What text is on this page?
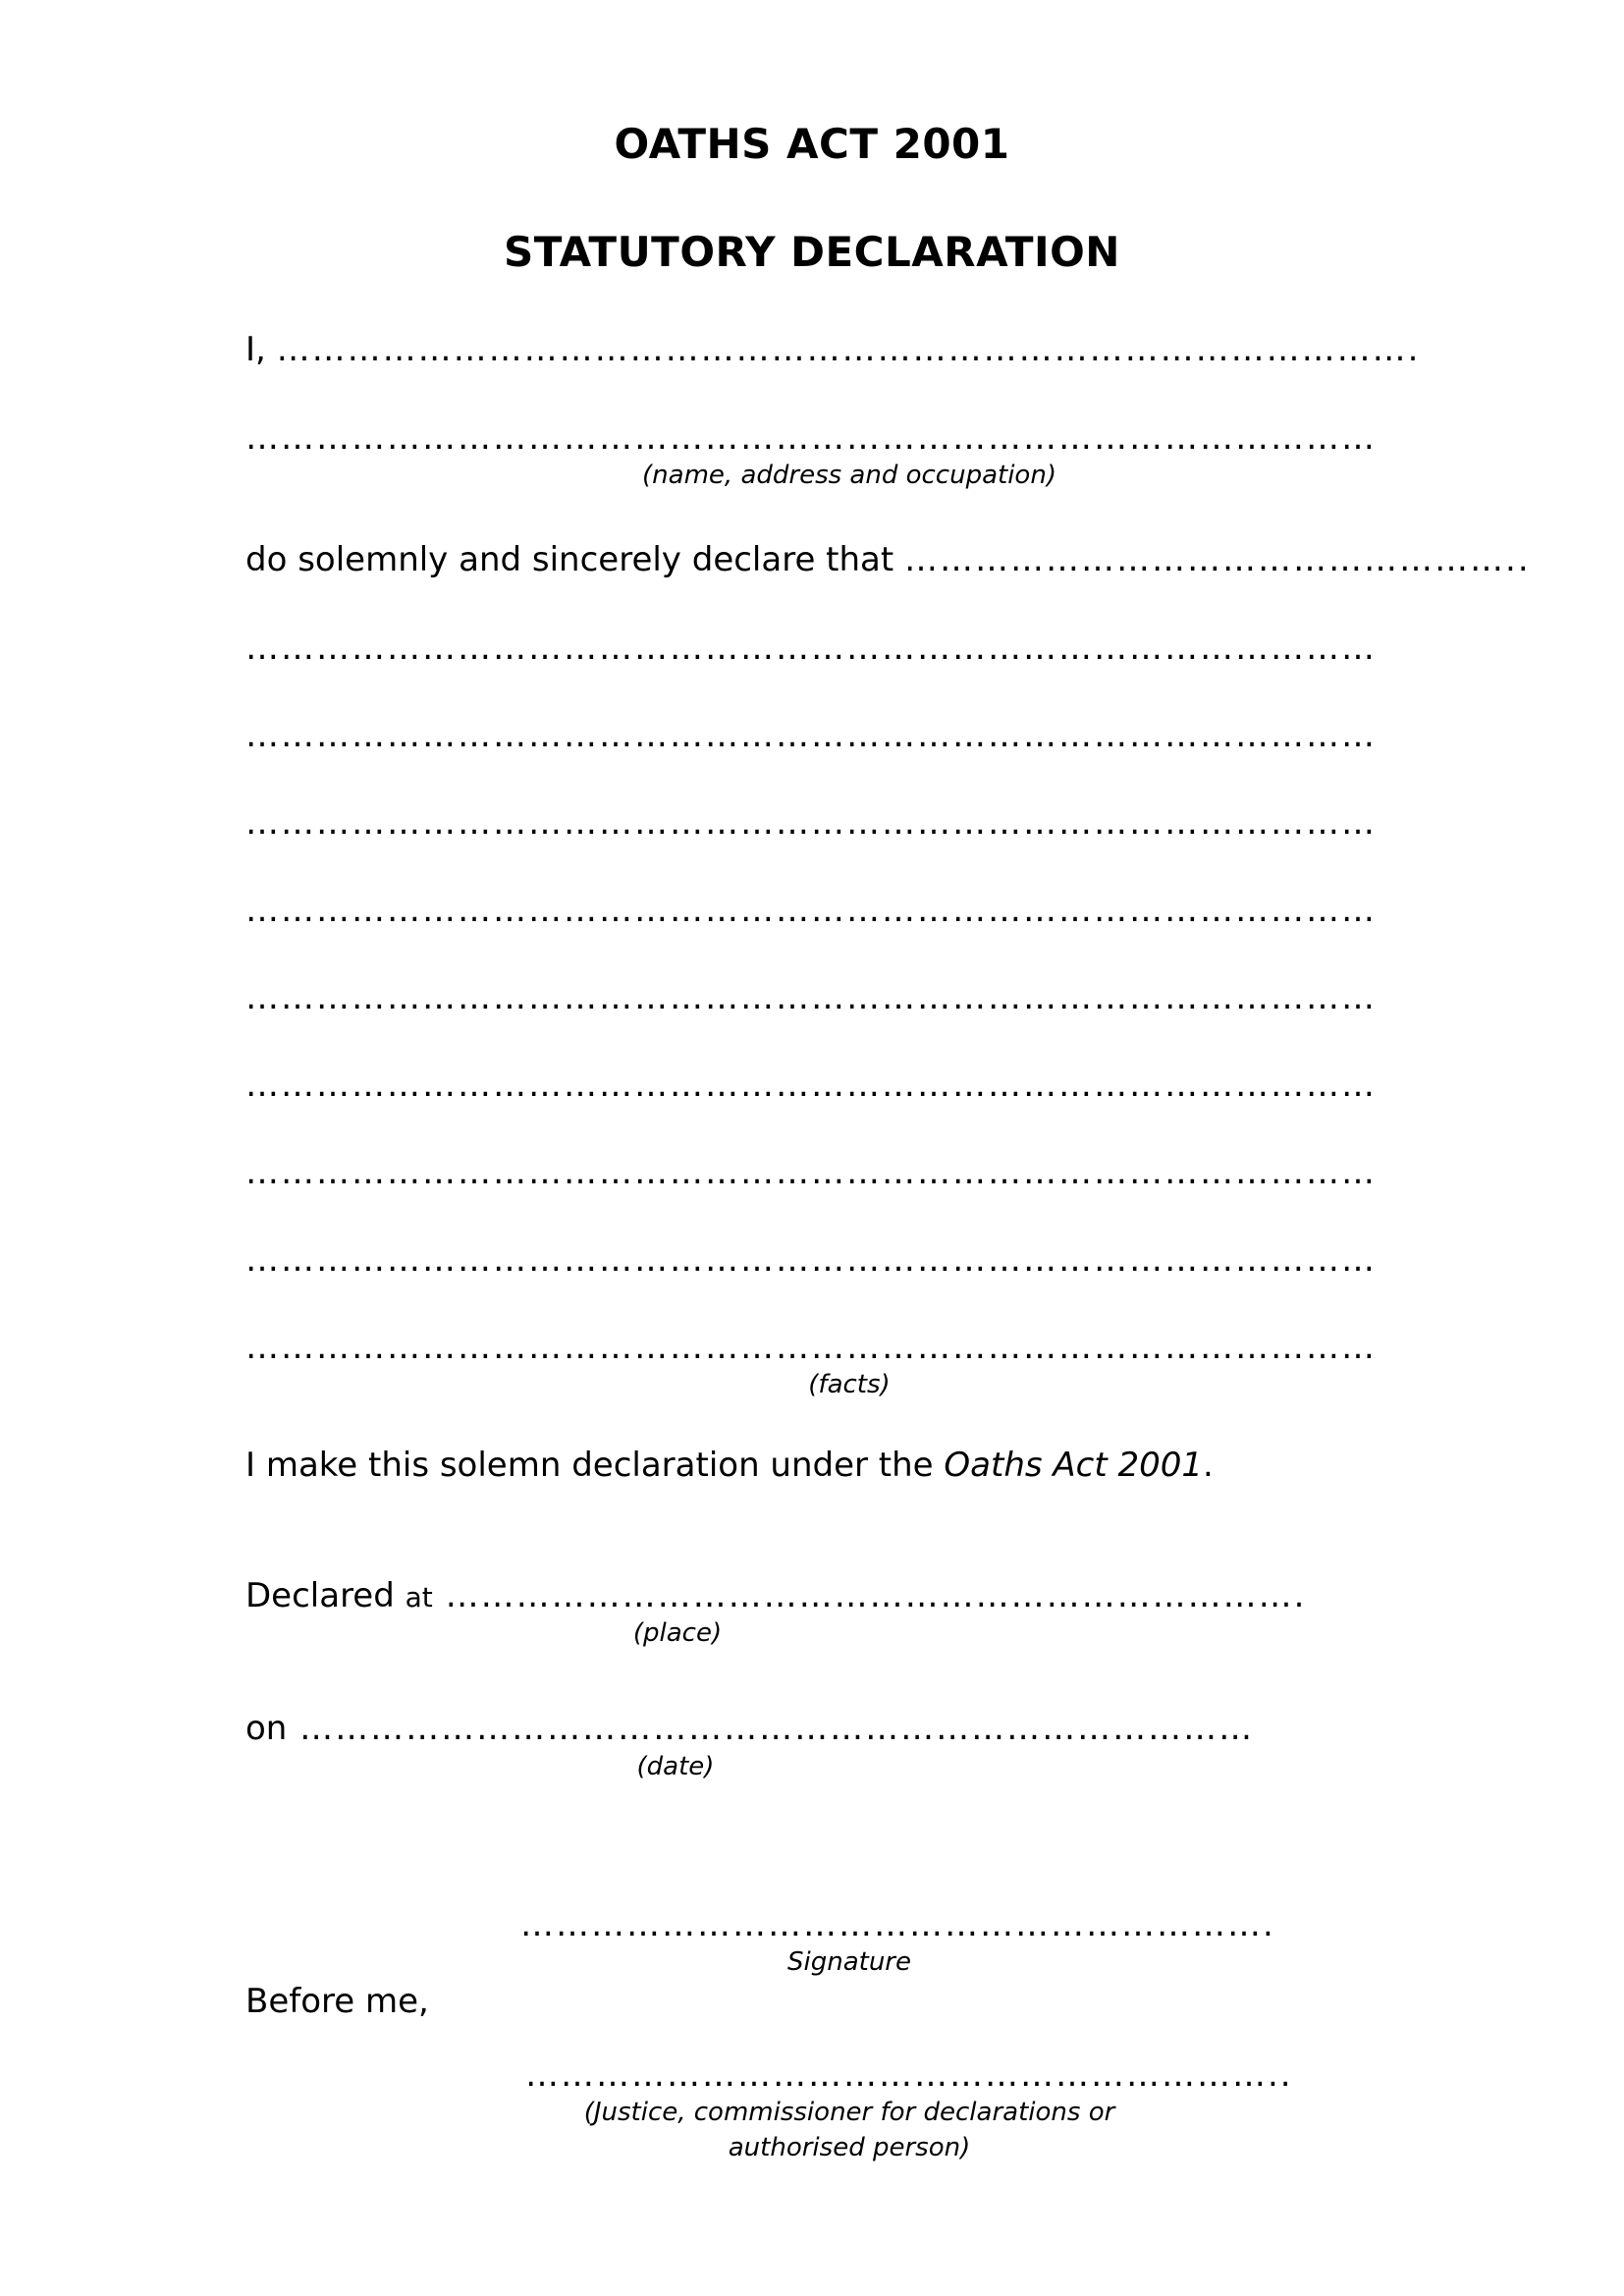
OATHS ACT 2001
STATUTORY DECLARATION
I, …………………………………………………………………………………….
……………………………………………………………………………………
(name, address and occupation)
do solemnly and sincerely declare that ……………………………………………..
……………………………………………………………………………………
……………………………………………………………………………………
……………………………………………………………………………………
……………………………………………………………………………………
……………………………………………………………………………………
……………………………………………………………………………………
……………………………………………………………………………………
……………………………………………………………………………………
……………………………………………………………………………………
(facts)
I make this solemn declaration under the Oaths Act 2001.
Declared at ……………………………………………………………….
(place)
on ………………………………………………………………………
(date)
……………………………………………………….
Signature
Before me,
………………………………………………………..
(Justice, commissioner for declarations or
authorised person)
